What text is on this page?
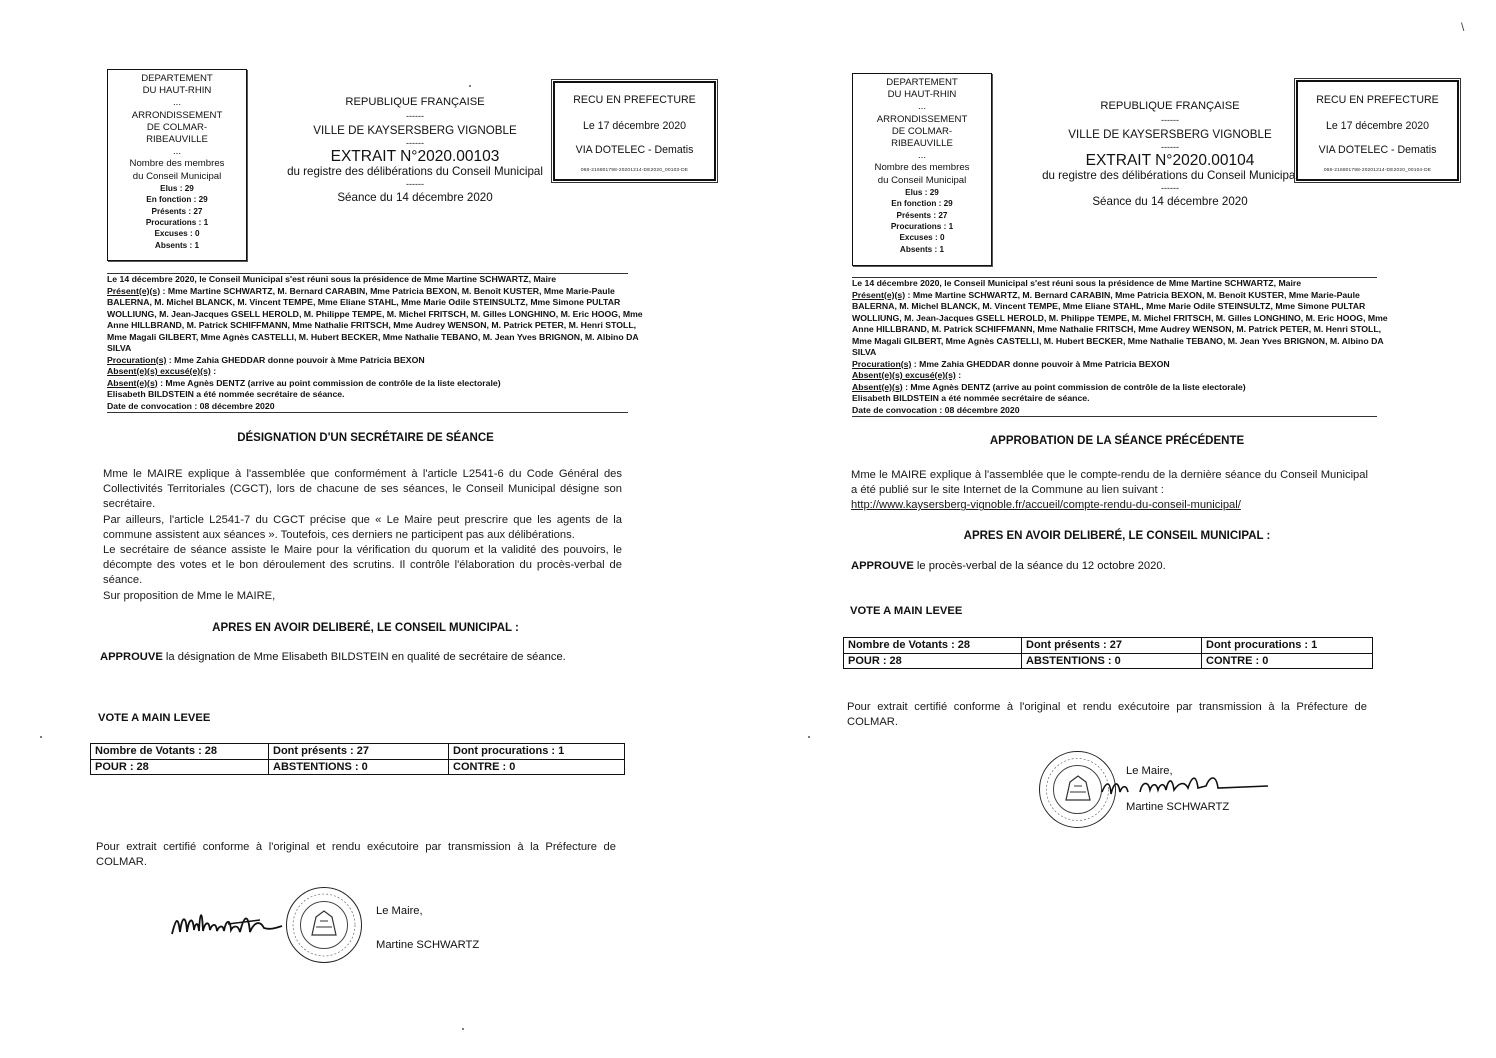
DEPARTEMENT
DU HAUT-RHIN
...
ARRONDISSEMENT
DE COLMAR-
RIBEAUVILLE
...
Nombre des membres
du Conseil Municipal
Elus : 29
En fonction : 29
Présents : 27
Procurations : 1
Excuses : 0
Absents : 1
REPUBLIQUE FRANÇAISE
------
VILLE DE KAYSERSBERG VIGNOBLE
------
EXTRAIT N°2020.00103
du registre des délibérations du Conseil Municipal
------
Séance du 14 décembre 2020
RECU EN PREFECTURE
Le 17 décembre 2020
VIA DOTELEC - Dematis
068-216801798-20201214-DE2020_00103-DE
Le 14 décembre 2020, le Conseil Municipal s'est réuni sous la présidence de Mme Martine SCHWARTZ, Maire
Présent(e)(s) : Mme Martine SCHWARTZ, M. Bernard CARABIN, Mme Patricia BEXON, M. Benoît KUSTER, Mme Marie-Paule
BALERNA, M. Michel BLANCK, M. Vincent TEMPE, Mme Eliane STAHL, Mme Marie Odile STEINSULTZ, Mme Simone PULTAR
WOLLIUNG, M. Jean-Jacques GSELL HEROLD, M. Philippe TEMPE, M. Michel FRITSCH, M. Gilles LONGHINO, M. Eric HOOG, Mme
Anne HILLBRAND, M. Patrick SCHIFFMANN, Mme Nathalie FRITSCH, Mme Audrey WENSON, M. Patrick PETER, M. Henri STOLL,
Mme Magali GILBERT, Mme Agnès CASTELLI, M. Hubert BECKER, Mme Nathalie TEBANO, M. Jean Yves BRIGNON, M. Albino DA
SILVA
Procuration(s) : Mme Zahia GHEDDAR donne pouvoir à Mme Patricia BEXON
Absent(e)(s) excusé(e)(s) :
Absent(e)(s) : Mme Agnès DENTZ (arrive au point commission de contrôle de la liste electorale)
Elisabeth BILDSTEIN a été nommée secrétaire de séance.
Date de convocation : 08 décembre 2020
DÉSIGNATION D'UN SECRÉTAIRE DE SÉANCE

Mme le MAIRE explique à l'assemblée que conformément à l'article L2541-6 du Code Général des Collectivités Territoriales (CGCT), lors de chacune de ses séances, le Conseil Municipal désigne son secrétaire.

Par ailleurs, l'article L2541-7 du CGCT précise que « Le Maire peut prescrire que les agents de la commune assistent aux séances ». Toutefois, ces derniers ne participent pas aux délibérations.

Le secrétaire de séance assiste le Maire pour la vérification du quorum et la validité des pouvoirs, le décompte des votes et le bon déroulement des scrutins. Il contrôle l'élaboration du procès-verbal de séance.

Sur proposition de Mme le MAIRE,

APRES EN AVOIR DELIBERÉ, LE CONSEIL MUNICIPAL :
APPROUVE la désignation de Mme Elisabeth BILDSTEIN en qualité de secrétaire de séance.
VOTE A MAIN LEVEE
Nombre de Votants : 28	Dont présents : 27	Dont procurations : 1
POUR : 28	ABSTENTIONS : 0	CONTRE : 0
Pour extrait certifié conforme à l'original et rendu exécutoire par transmission à la Préfecture de COLMAR.
Le Maire,
Martine SCHWARTZ
DEPARTEMENT
DU HAUT-RHIN
...
ARRONDISSEMENT
DE COLMAR-
RIBEAUVILLE
...
Nombre des membres
du Conseil Municipal
Elus : 29
En fonction : 29
Présents : 27
Procurations : 1
Excuses : 0
Absents : 1
REPUBLIQUE FRANÇAISE
------
VILLE DE KAYSERSBERG VIGNOBLE
------
EXTRAIT N°2020.00104
du registre des délibérations du Conseil Municipal
------
Séance du 14 décembre 2020
RECU EN PREFECTURE
Le 17 décembre 2020
VIA DOTELEC - Dematis
068-216801798-20201214-DE2020_00104-DE
Le 14 décembre 2020, le Conseil Municipal s'est réuni sous la présidence de Mme Martine SCHWARTZ, Maire
Présent(e)(s) : Mme Martine SCHWARTZ, M. Bernard CARABIN, Mme Patricia BEXON, M. Benoît KUSTER, Mme Marie-Paule
BALERNA, M. Michel BLANCK, M. Vincent TEMPE, Mme Eliane STAHL, Mme Marie Odile STEINSULTZ, Mme Simone PULTAR
WOLLIUNG, M. Jean-Jacques GSELL HEROLD, M. Philippe TEMPE, M. Michel FRITSCH, M. Gilles LONGHINO, M. Eric HOOG, Mme
Anne HILLBRAND, M. Patrick SCHIFFMANN, Mme Nathalie FRITSCH, Mme Audrey WENSON, M. Patrick PETER, M. Henri STOLL,
Mme Magali GILBERT, Mme Agnès CASTELLI, M. Hubert BECKER, Mme Nathalie TEBANO, M. Jean Yves BRIGNON, M. Albino DA
SILVA
Procuration(s) : Mme Zahia GHEDDAR donne pouvoir à Mme Patricia BEXON
Absent(e)(s) excusé(e)(s) :
Absent(e)(s) : Mme Agnès DENTZ (arrive au point commission de contrôle de la liste electorale)
Elisabeth BILDSTEIN a été nommée secrétaire de séance.
Date de convocation : 08 décembre 2020
APPROBATION DE LA SÉANCE PRÉCÉDENTE

Mme le MAIRE explique à l'assemblée que le compte-rendu de la dernière séance du Conseil Municipal a été publié sur le site Internet de la Commune au lien suivant :

http://www.kaysersberg-vignoble.fr/accueil/compte-rendu-du-conseil-municipal/

APRES EN AVOIR DELIBERÉ, LE CONSEIL MUNICIPAL :
APPROUVE le procès-verbal de la séance du 12 octobre 2020.
VOTE A MAIN LEVEE
Nombre de Votants : 28	Dont présents : 27	Dont procurations : 1
POUR : 28	ABSTENTIONS : 0	CONTRE : 0
Pour extrait certifié conforme à l'original et rendu exécutoire par transmission à la Préfecture de COLMAR.
Le Maire,
Martine SCHWARTZ
\
